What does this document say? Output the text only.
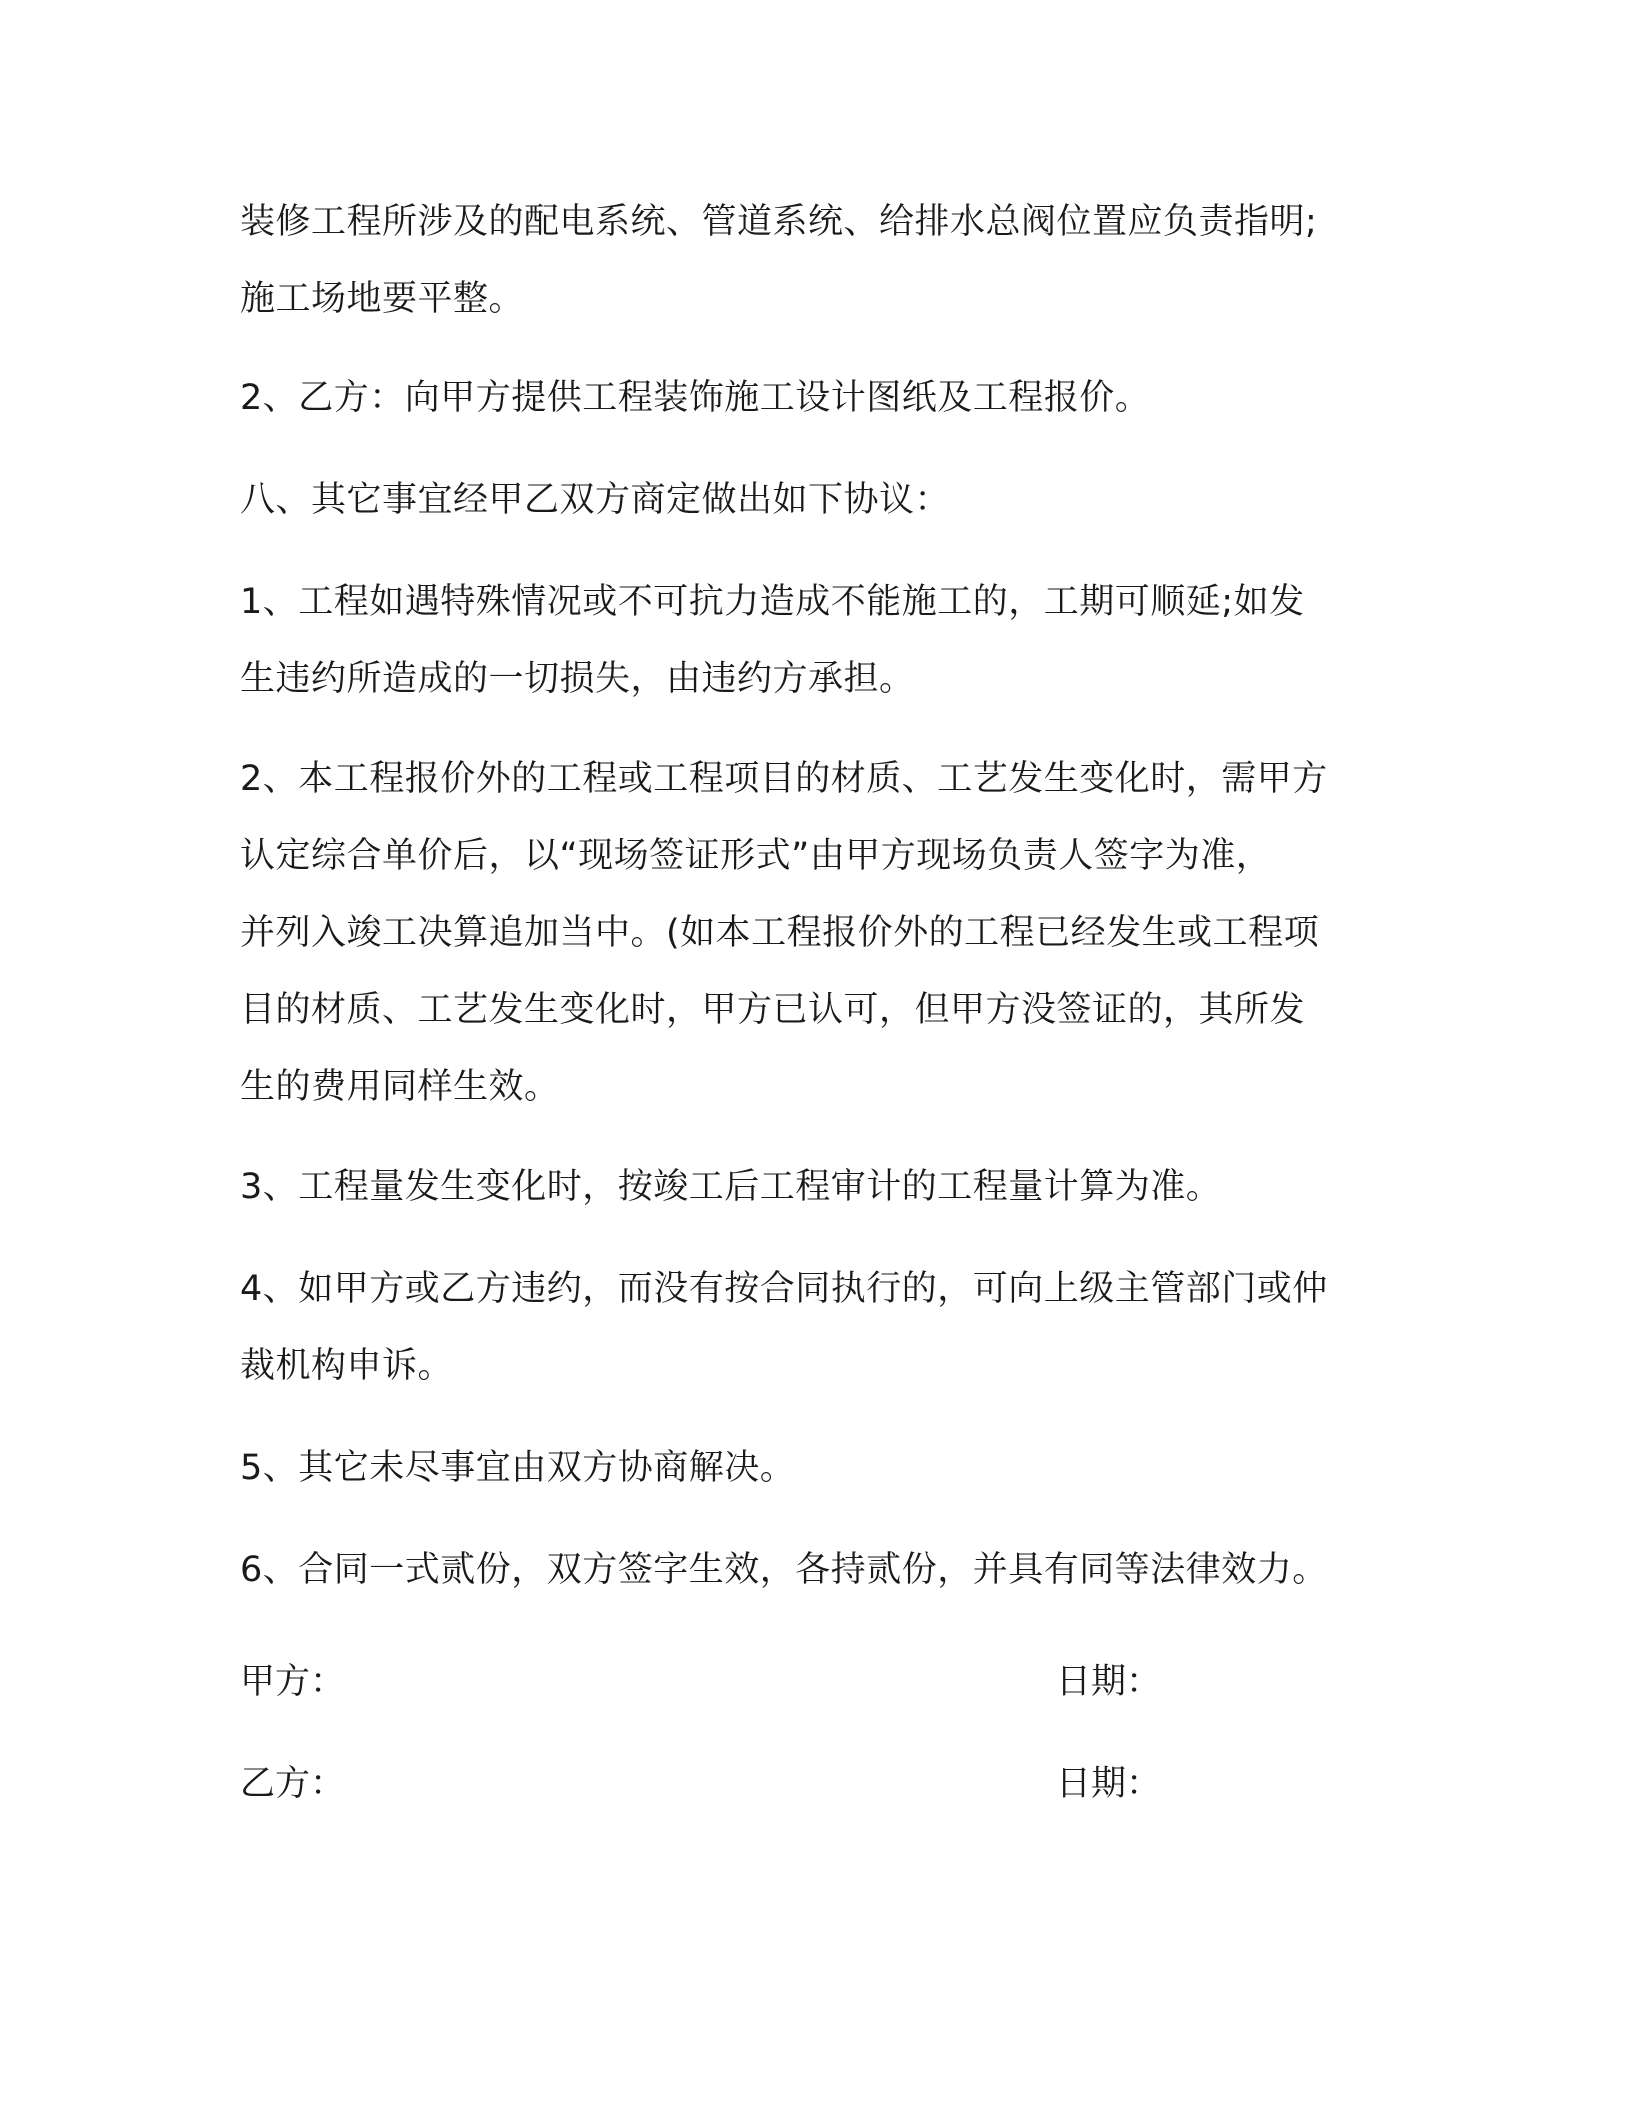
装修工程所涉及的配电系统、管道系统、给排水总阀位置应负责指明;
施工场地要平整。
2、乙方：向甲方提供工程装饰施工设计图纸及工程报价。
八、其它事宜经甲乙双方商定做出如下协议：
1、工程如遇特殊情况或不可抗力造成不能施工的，工期可顺延;如发
生违约所造成的一切损失，由违约方承担。
2、本工程报价外的工程或工程项目的材质、工艺发生变化时，需甲方
认定综合单价后，以“现场签证形式”由甲方现场负责人签字为准，
并列入竣工决算追加当中。(如本工程报价外的工程已经发生或工程项
目的材质、工艺发生变化时，甲方已认可，但甲方没签证的，其所发
生的费用同样生效。
3、工程量发生变化时，按竣工后工程审计的工程量计算为准。
4、如甲方或乙方违约，而没有按合同执行的，可向上级主管部门或仲
裁机构申诉。
5、其它未尽事宜由双方协商解决。
6、合同一式贰份，双方签字生效，各持贰份，并具有同等法律效力。
甲方：	日期：
乙方：	日期：
